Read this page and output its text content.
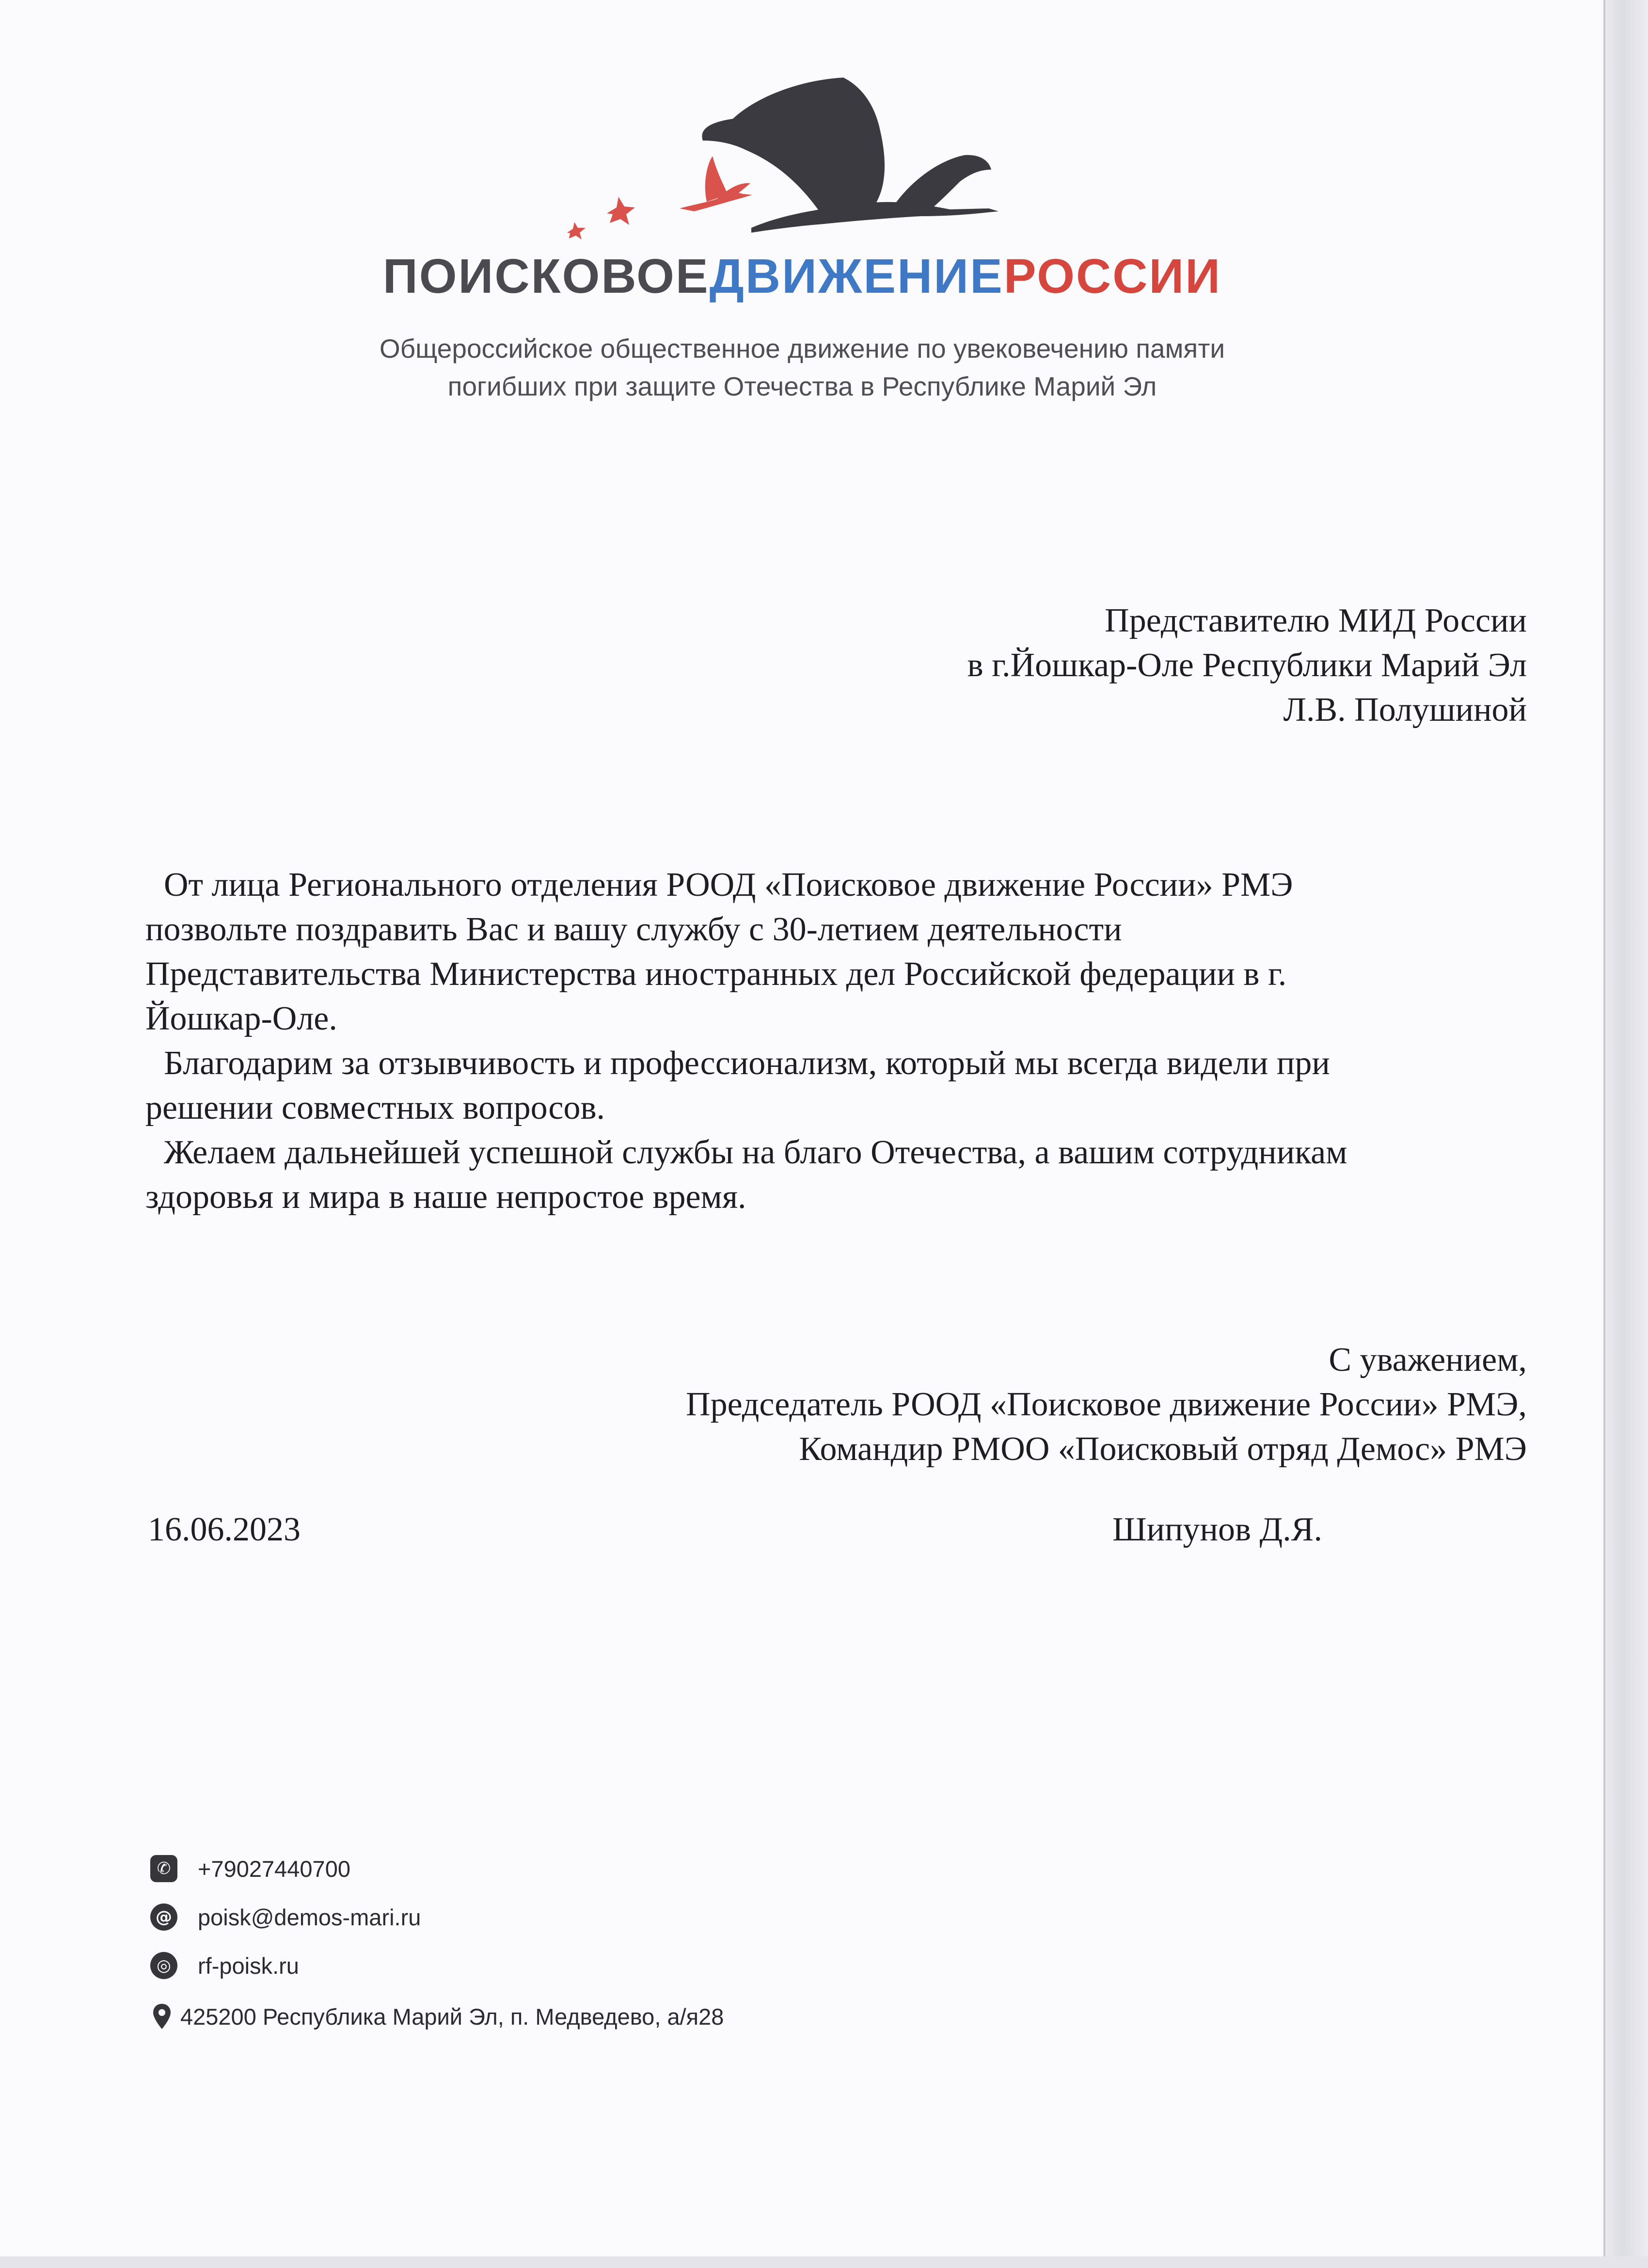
ПОИСКОВОЕДВИЖЕНИЕРОССИИ
Общероссийское общественное движение по увековечению памяти
погибших при защите Отечества в Республике Марий Эл
Представителю МИД России
в г.Йошкар-Оле Республики Марий Эл
Л.В. Полушиной

От лица Регионального отделения РООД «Поисковое движение России» РМЭ
позвольте поздравить Вас и вашу службу с 30-летием деятельности
Представительства Министерства иностранных дел Российской федерации в г.
Йошкар-Оле.

Благодарим за отзывчивость и профессионализм, который мы всегда видели при
решении совместных вопросов.

Желаем дальнейшей успешной службы на благо Отечества, а вашим сотрудникам
здоровья и мира в наше непростое время.

С уважением,
Председатель РООД «Поисковое движение России» РМЭ,
Командир РМОО «Поисковый отряд Демос» РМЭ
16.06.2023	Шипунов Д.Я.
✆ +79027440700
@ poisk@demos-mari.ru
◎ rf-poisk.ru
425200 Республика Марий Эл, п. Медведево, а/я28
